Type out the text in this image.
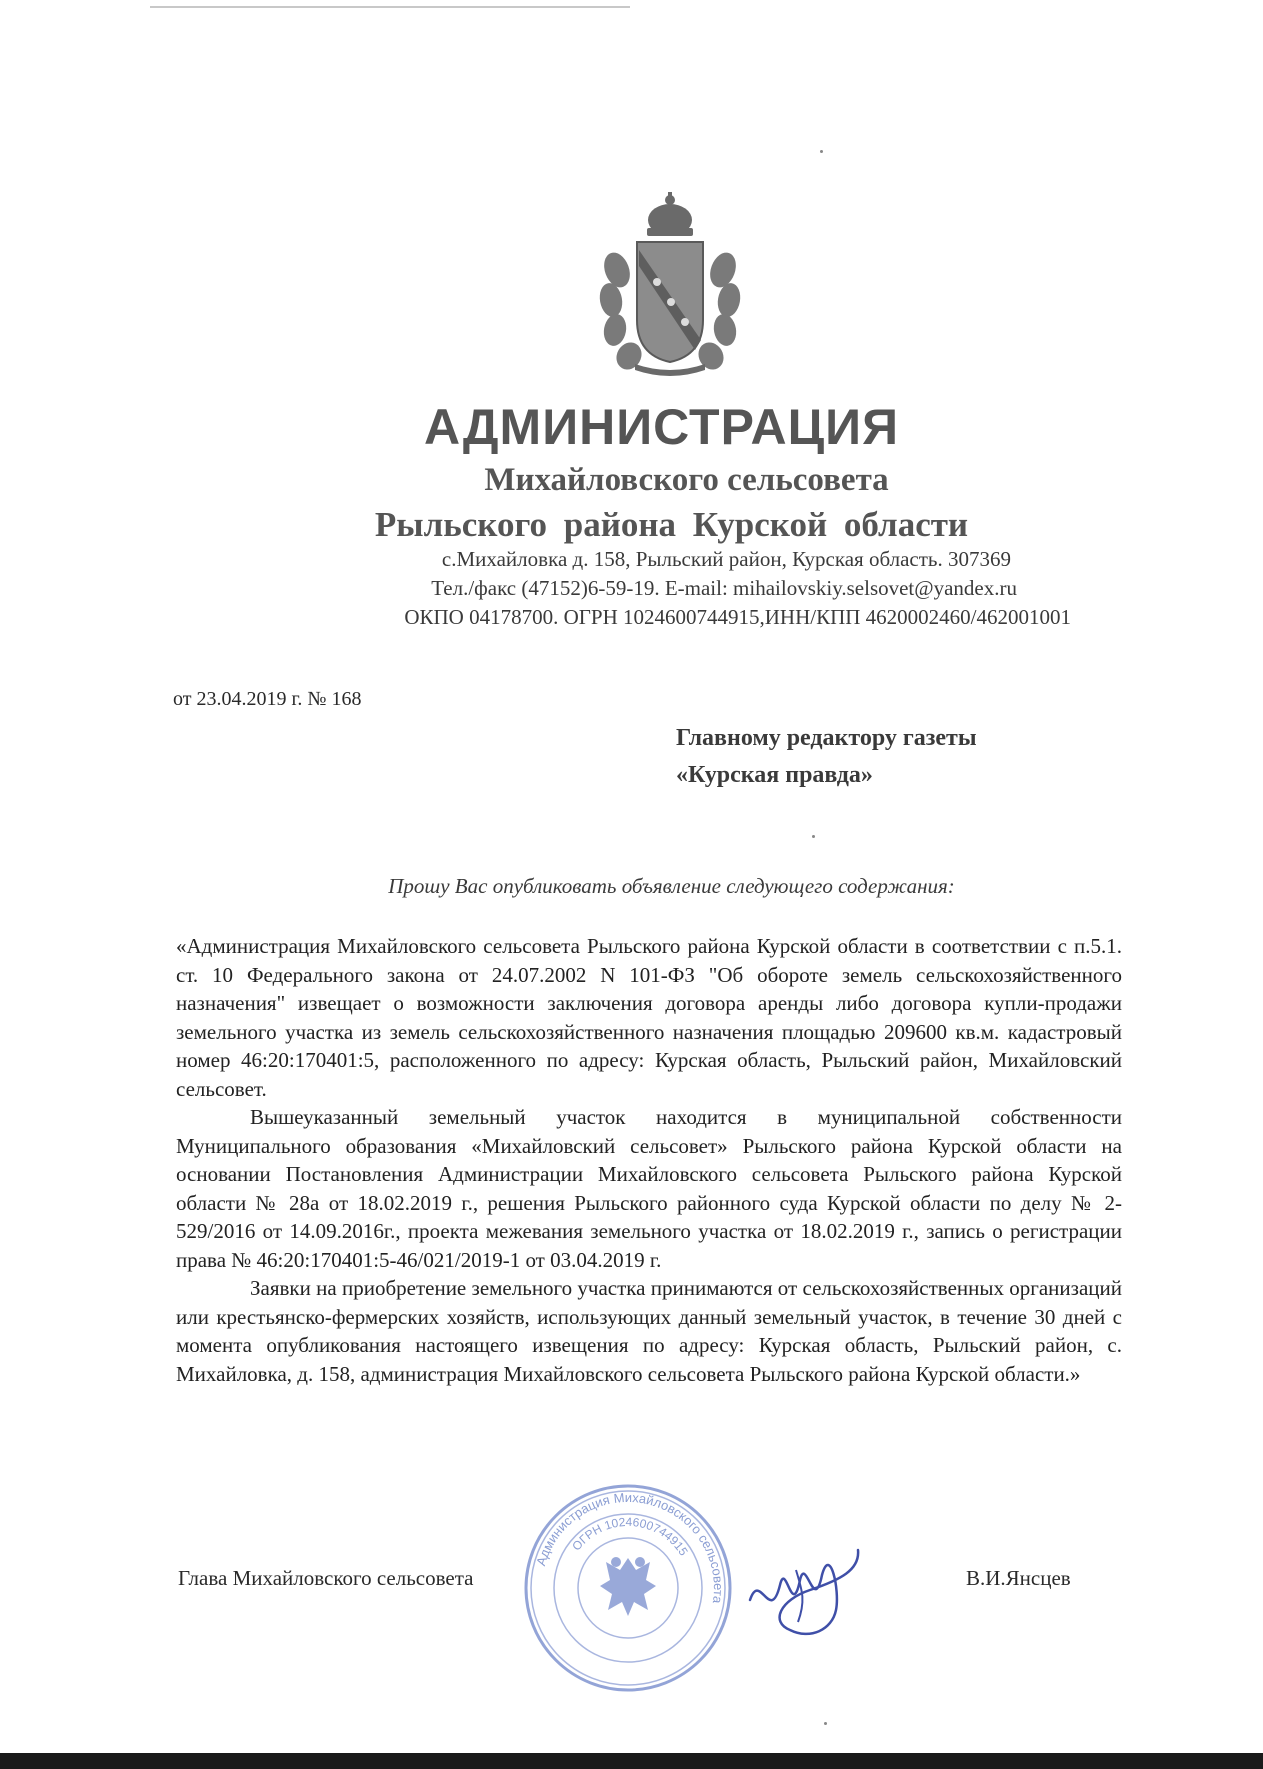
АДМИНИСТРАЦИЯ
Михайловского сельсовета
Рыльского района Курской области
с.Михайловка д. 158, Рыльский район, Курская область. 307369
Тел./факс (47152)6-59-19. E-mail: mihailovskiy.selsovet@yandex.ru
ОКПО 04178700. ОГРН 1024600744915,ИНН/КПП 4620002460/462001001
от 23.04.2019 г. № 168
Главному редактору газеты
«Курская правда»
Прошу Вас опубликовать объявление следующего содержания:

«Администрация Михайловского сельсовета Рыльского района Курской области в соответствии с п.5.1. ст. 10 Федерального закона от 24.07.2002 N 101-ФЗ "Об обороте земель сельскохозяйственного назначения" извещает о возможности заключения договора аренды либо договора купли-продажи земельного участка из земель сельскохозяйственного назначения площадью 209600 кв.м. кадастровый номер 46:20:170401:5, расположенного по адресу: Курская область, Рыльский район, Михайловский сельсовет.

Вышеуказанный земельный участок находится в муниципальной собственности Муниципального образования «Михайловский сельсовет» Рыльского района Курской области на основании Постановления Администрации Михайловского сельсовета Рыльского района Курской области № 28а от 18.02.2019 г., решения Рыльского районного суда Курской области по делу № 2-529/2016 от 14.09.2016г., проекта межевания земельного участка от 18.02.2019 г., запись о регистрации права № 46:20:170401:5-46/021/2019-1 от 03.04.2019 г.

Заявки на приобретение земельного участка принимаются от сельскохозяйственных организаций или крестьянско-фермерских хозяйств, использующих данный земельный участок, в течение 30 дней с момента опубликования настоящего извещения по адресу: Курская область, Рыльский район, с. Михайловка, д. 158, администрация Михайловского сельсовета Рыльского района Курской области.»

Глава Михайловского сельсовета	В.И.Янсцев
Администрация Михайловского сельсовета
ОГРН 1024600744915
